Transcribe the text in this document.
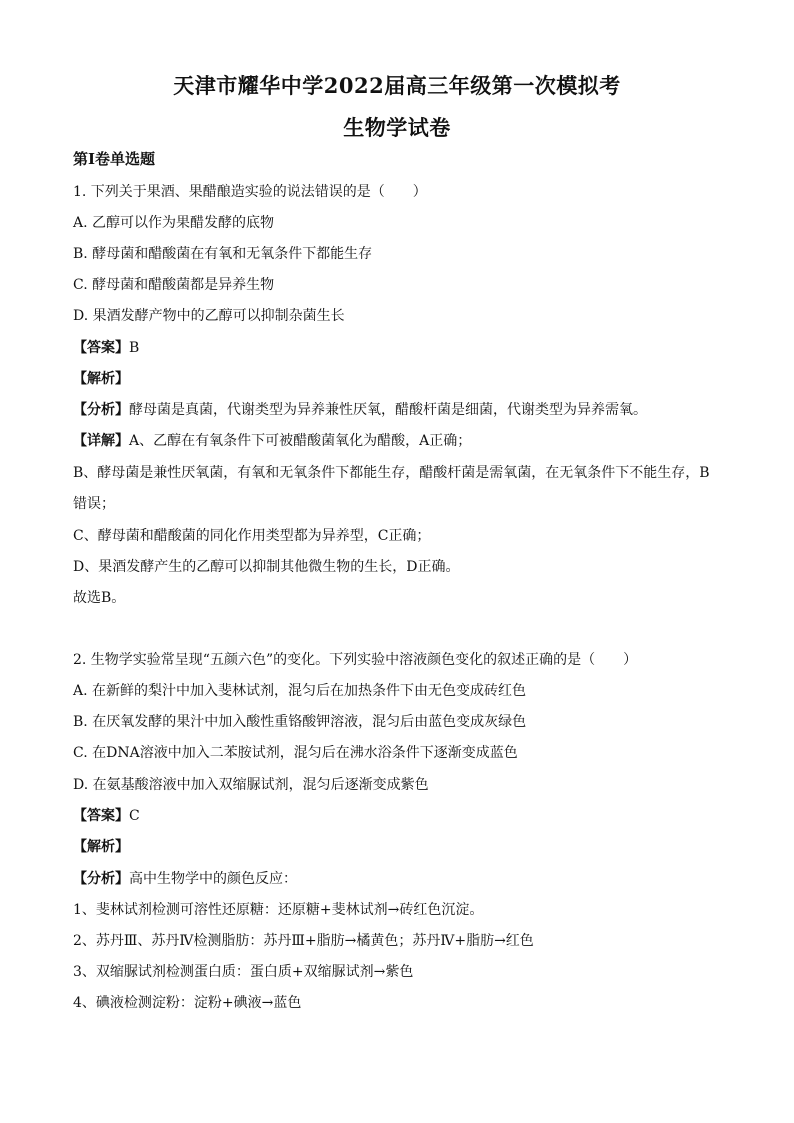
天津市耀华中学2022届高三年级第一次模拟考
生物学试卷
第I卷单选题
1. 下列关于果酒、果醋酿造实验的说法错误的是（　　）
A. 乙醇可以作为果醋发酵的底物
B. 酵母菌和醋酸菌在有氧和无氧条件下都能生存
C. 酵母菌和醋酸菌都是异养生物
D. 果酒发酵产物中的乙醇可以抑制杂菌生长
【答案】B
【解析】
【分析】酵母菌是真菌，代谢类型为异养兼性厌氧，醋酸杆菌是细菌，代谢类型为异养需氧。
【详解】A、乙醇在有氧条件下可被醋酸菌氧化为醋酸，A正确；
B、酵母菌是兼性厌氧菌，有氧和无氧条件下都能生存，醋酸杆菌是需氧菌，在无氧条件下不能生存，B
错误；
C、酵母菌和醋酸菌的同化作用类型都为异养型，C正确；
D、果酒发酵产生的乙醇可以抑制其他微生物的生长，D正确。
故选B。
2. 生物学实验常呈现“五颜六色”的变化。下列实验中溶液颜色变化的叙述正确的是（　　）
A. 在新鲜的梨汁中加入斐林试剂，混匀后在加热条件下由无色变成砖红色
B. 在厌氧发酵的果汁中加入酸性重铬酸钾溶液，混匀后由蓝色变成灰绿色
C. 在DNA溶液中加入二苯胺试剂，混匀后在沸水浴条件下逐渐变成蓝色
D. 在氨基酸溶液中加入双缩脲试剂，混匀后逐渐变成紫色
【答案】C
【解析】
【分析】高中生物学中的颜色反应：
1、斐林试剂检测可溶性还原糖：还原糖+斐林试剂→砖红色沉淀。
2、苏丹Ⅲ、苏丹Ⅳ检测脂肪：苏丹Ⅲ+脂肪→橘黄色；苏丹Ⅳ+脂肪→红色
3、双缩脲试剂检测蛋白质：蛋白质+双缩脲试剂→紫色
4、碘液检测淀粉：淀粉+碘液→蓝色
